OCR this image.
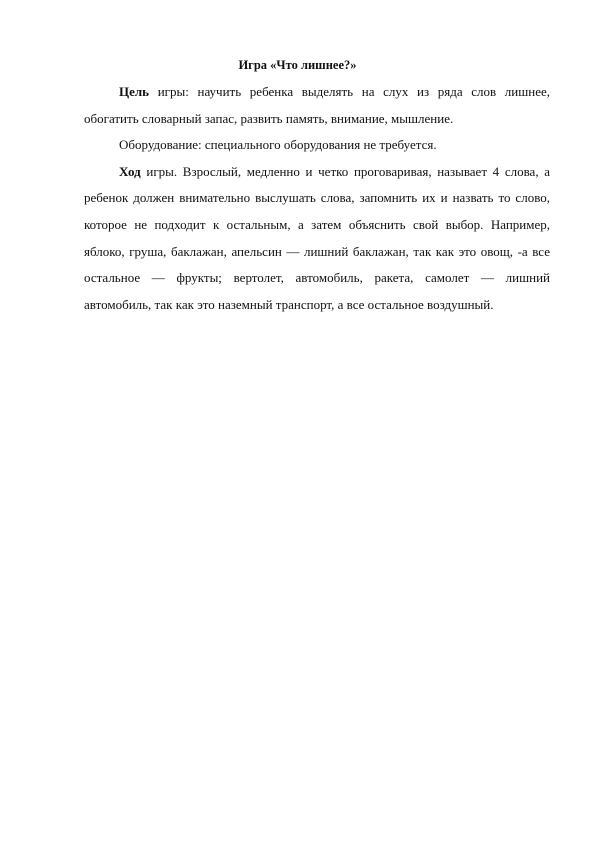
Игра «Что лишнее?»

Цель игры: научить ребенка выделять на слух из ряда слов лишнее, обогатить словарный запас, развить память, внимание, мышление.

Оборудование: специального оборудования не требуется.

Ход игры. Взрослый, медленно и четко проговаривая, называет 4 слова, а ребенок должен внимательно выслушать слова, запомнить их и назвать то слово, которое не подходит к остальным, а затем объяснить свой выбор. Например, яблоко, груша, баклажан, апельсин — лишний баклажан, так как это овощ, -а все остальное — фрукты; вертолет, автомобиль, ракета, самолет — лишний автомобиль, так как это наземный транспорт, а все остальное воздушный.
